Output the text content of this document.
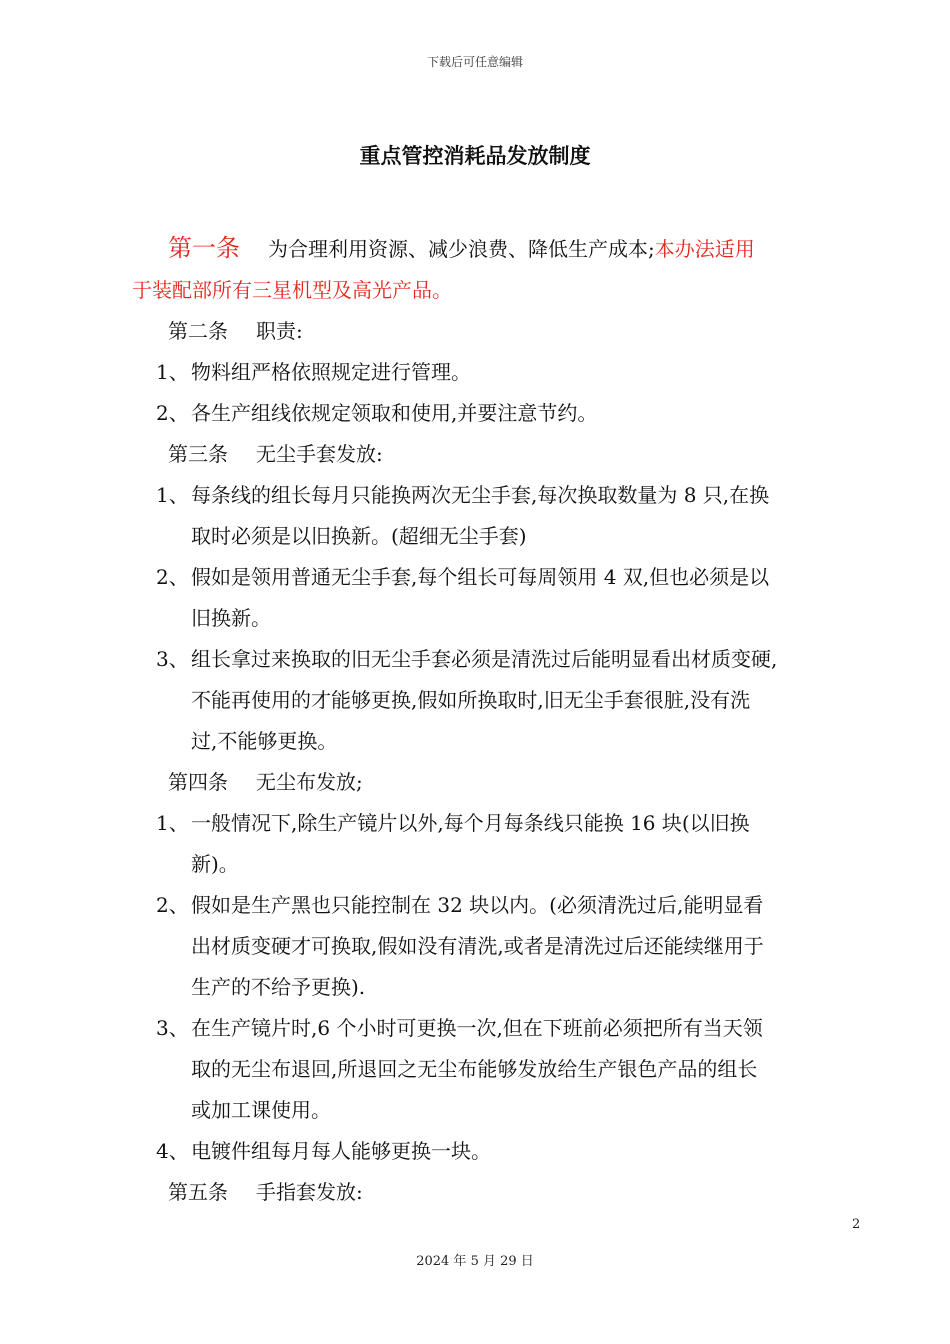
下载后可任意编辑
重点管控消耗品发放制度
第一条 为合理利用资源、减少浪费、降低生产成本;本办法适用
于装配部所有三星机型及高光产品。
第二条 职责:
1、 物料组严格依照规定进行管理。
2、 各生产组线依规定领取和使用,并要注意节约。
第三条 无尘手套发放:
1、 每条线的组长每月只能换两次无尘手套,每次换取数量为 8 只,在换
取时必须是以旧换新。(超细无尘手套)
2、 假如是领用普通无尘手套,每个组长可每周领用 4 双,但也必须是以
旧换新。
3、 组长拿过来换取的旧无尘手套必须是清洗过后能明显看出材质变硬,
不能再使用的才能够更换,假如所换取时,旧无尘手套很脏,没有洗
过,不能够更换。
第四条 无尘布发放;
1、 一般情况下,除生产镜片以外,每个月每条线只能换 16 块(以旧换
新)。
2、 假如是生产黑也只能控制在 32 块以内。(必须清洗过后,能明显看
出材质变硬才可换取,假如没有清洗,或者是清洗过后还能续继用于
生产的不给予更换).
3、 在生产镜片时,6 个小时可更换一次,但在下班前必须把所有当天领
取的无尘布退回,所退回之无尘布能够发放给生产银色产品的组长
或加工课使用。
4、 电镀件组每月每人能够更换一块。
第五条 手指套发放:
2
2024 年 5 月 29 日
